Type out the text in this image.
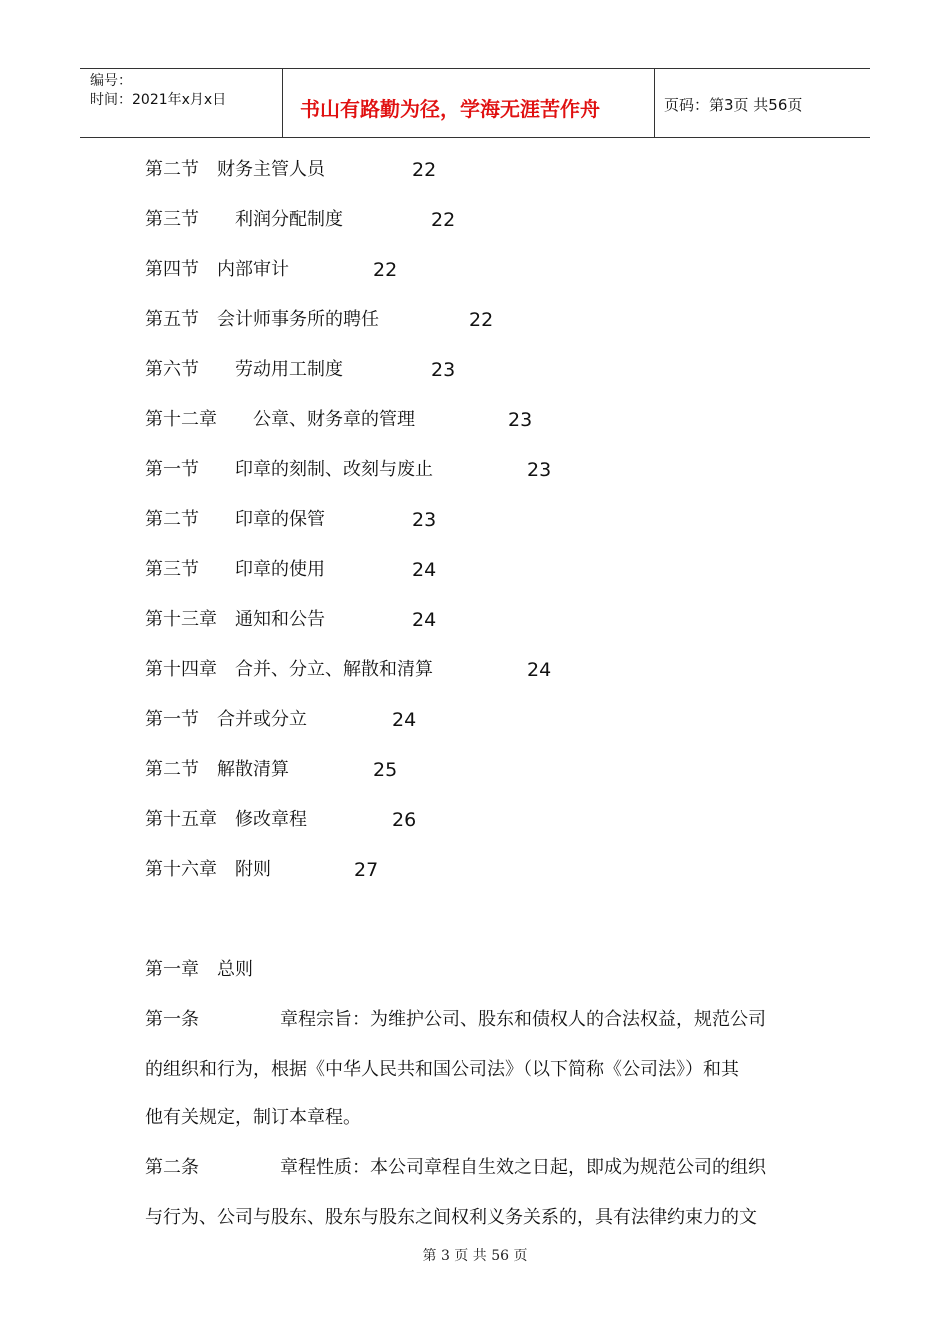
编号：
时间：2021年x月x日	书山有路勤为径，学海无涯苦作舟	页码：第3页 共56页
第二节　财务主管人员	22
第三节　　利润分配制度	22
第四节　内部审计	22
第五节　会计师事务所的聘任	22
第六节　　劳动用工制度	23
第十二章　　公章、财务章的管理	23
第一节　　印章的刻制、改刻与废止	23
第二节　　印章的保管	23
第三节　　印章的使用	24
第十三章　通知和公告	24
第十四章　合并、分立、解散和清算	24
第一节　合并或分立	24
第二节　解散清算	25
第十五章　修改章程	26
第十六章　附则	27
第一章　总则
第一条	章程宗旨：为维护公司、股东和债权人的合法权益，规范公司
的组织和行为，根据《中华人民共和国公司法》（以下简称《公司法》）和其
他有关规定，制订本章程。
第二条	章程性质：本公司章程自生效之日起，即成为规范公司的组织
与行为、公司与股东、股东与股东之间权利义务关系的，具有法律约束力的文
第 3 页 共 56 页
